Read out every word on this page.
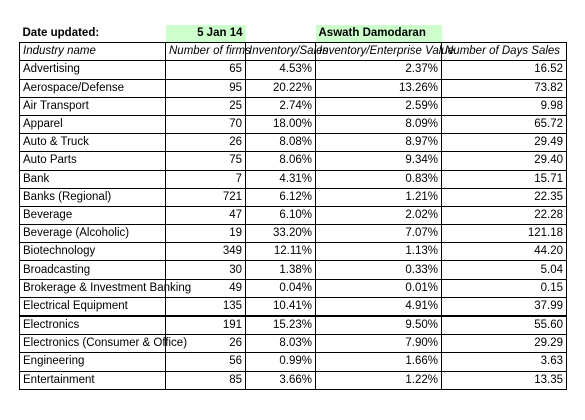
Date updated:	5 Jan 14		Aswath Damodaran	
Industry name	Number of firms	Inventory/Sales	Inventory/Enterprise Value	Number of Days Sales
Advertising	65	4.53%	2.37%	16.52
Aerospace/Defense	95	20.22%	13.26%	73.82
Air Transport	25	2.74%	2.59%	9.98
Apparel	70	18.00%	8.09%	65.72
Auto & Truck	26	8.08%	8.97%	29.49
Auto Parts	75	8.06%	9.34%	29.40
Bank	7	4.31%	0.83%	15.71
Banks (Regional)	721	6.12%	1.21%	22.35
Beverage	47	6.10%	2.02%	22.28
Beverage (Alcoholic)	19	33.20%	7.07%	121.18
Biotechnology	349	12.11%	1.13%	44.20
Broadcasting	30	1.38%	0.33%	5.04
Brokerage & Investment Banking	49	0.04%	0.01%	0.15
Electrical Equipment	135	10.41%	4.91%	37.99
Electronics	191	15.23%	9.50%	55.60
Electronics (Consumer & Office)	26	8.03%	7.90%	29.29
Engineering	56	0.99%	1.66%	3.63
Entertainment	85	3.66%	1.22%	13.35
